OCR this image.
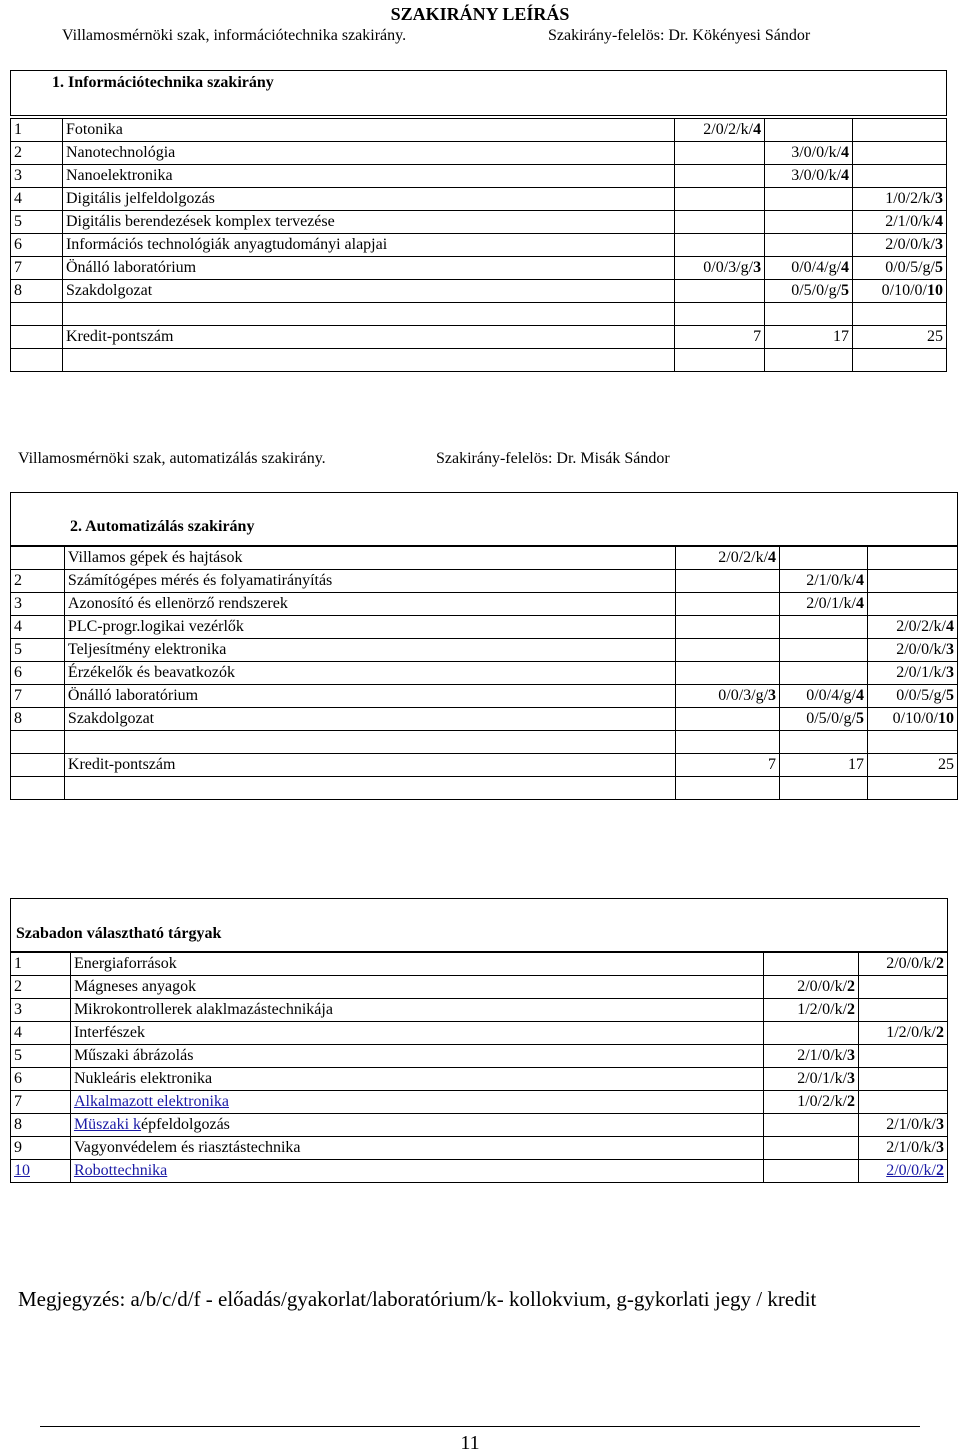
SZAKIRÁNY LEÍRÁS
Villamosmérnöki szak, információtechnika szakirány.	Szakirány-felelös: Dr. Kökényesi Sándor
1. Információtechnika szakirány
1	Fotonika	2/0/2/k/4		
2	Nanotechnológia		3/0/0/k/4	
3	Nanoelektronika		3/0/0/k/4	
4	Digitális jelfeldolgozás			1/0/2/k/3
5	Digitális berendezések komplex tervezése			2/1/0/k/4
6	Információs technológiák anyagtudományi alapjai			2/0/0/k/3
7	Önálló laboratórium	0/0/3/g/3	0/0/4/g/4	0/0/5/g/5
8	Szakdolgozat		0/5/0/g/5	0/10/0/10

	Kredit-pontszám	7	17	25

Villamosmérnöki szak, automatizálás szakirány.	Szakirány-felelös: Dr. Misák Sándor
2. Automatizálás szakirány
	Villamos gépek és hajtások	2/0/2/k/4		
2	Számítógépes mérés és folyamatirányítás		2/1/0/k/4	
3	Azonosító és ellenörző rendszerek		2/0/1/k/4	
4	PLC-progr.logikai vezérlők			2/0/2/k/4
5	Teljesítmény elektronika			2/0/0/k/3
6	Érzékelők és beavatkozók			2/0/1/k/3
7	Önálló laboratórium	0/0/3/g/3	0/0/4/g/4	0/0/5/g/5
8	Szakdolgozat		0/5/0/g/5	0/10/0/10

	Kredit-pontszám	7	17	25

Szabadon választható tárgyak
1	Energiaforrások		2/0/0/k/2
2	Mágneses anyagok	2/0/0/k/2	
3	Mikrokontrollerek alaklmazástechnikája	1/2/0/k/2	
4	Interfészek		1/2/0/k/2
5	Műszaki ábrázolás	2/1/0/k/3	
6	Nukleáris elektronika	2/0/1/k/3	
7	Alkalmazott elektronika	1/0/2/k/2	
8	Müszaki képfeldolgozás		2/1/0/k/3
9	Vagyonvédelem és riasztástechnika		2/1/0/k/3
10	Robottechnika		2/0/0/k/2
Megjegyzés: a/b/c/d/f - előadás/gyakorlat/laboratórium/k- kollokvium, g-gykorlati jegy / kredit
11
